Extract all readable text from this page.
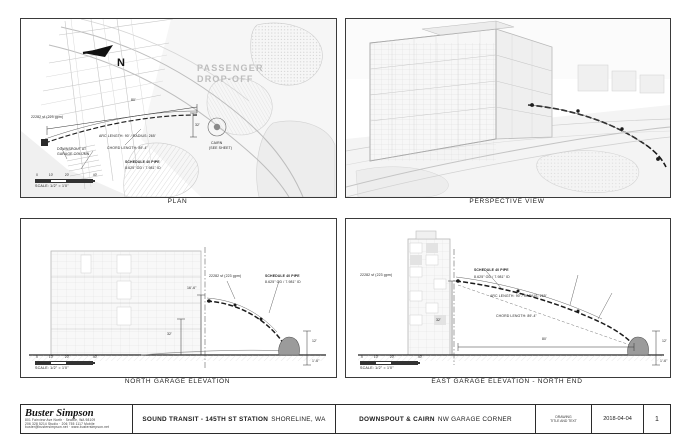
N	PASSENGER
DROP-OFF
22282 sf (223 gpm)
ARC LENGTH: 90' / RADIUS: 265'
CHORD LENGTH: 89'-4"
SCHEDULE 40 PIPE
8.625" OD / 7.981" ID
80'
32'
DOWNSPOUT AT
GARAGE COLUMN
CAIRN
(SEE SHEET)
0	10'	20'	40'
SCALE: 1/2" = 1'0"
PLAN	PERSPECTIVE VIEW
22282 sf (223 gpm)	SCHEDULE 40 PIPE
8.625" OD / 7.981" ID
16'-6"
32'
12'
1'-6"
0	10'	20'	40'
SCALE: 1/2" = 1'0"
NORTH GARAGE ELEVATION
22282 sf (223 gpm)
SCHEDULE 40 PIPE
8.625" OD / 7.981" ID
ARC LENGTH: 90' / RADIUS: 265'
CHORD LENGTH: 89'-4"
32'
12'
1'-6"
80'
0	10'	20'	40'
SCALE: 1/2" = 1'0"
EAST GARAGE ELEVATION - NORTH END
Buster Simpson
801 Fairview Ave North · Seattle, WA 98109
206 328 5214 Studio · 206 755 1117 Mobile
buster@bustersimpson.net · www.bustersimpson.net
SOUND TRANSIT - 145TH ST STATION SHORELINE, WA	DOWNSPOUT & CAIRN NW GARAGE CORNER	DRAWING
TITLE AND TEXT	2018-04-04	1
